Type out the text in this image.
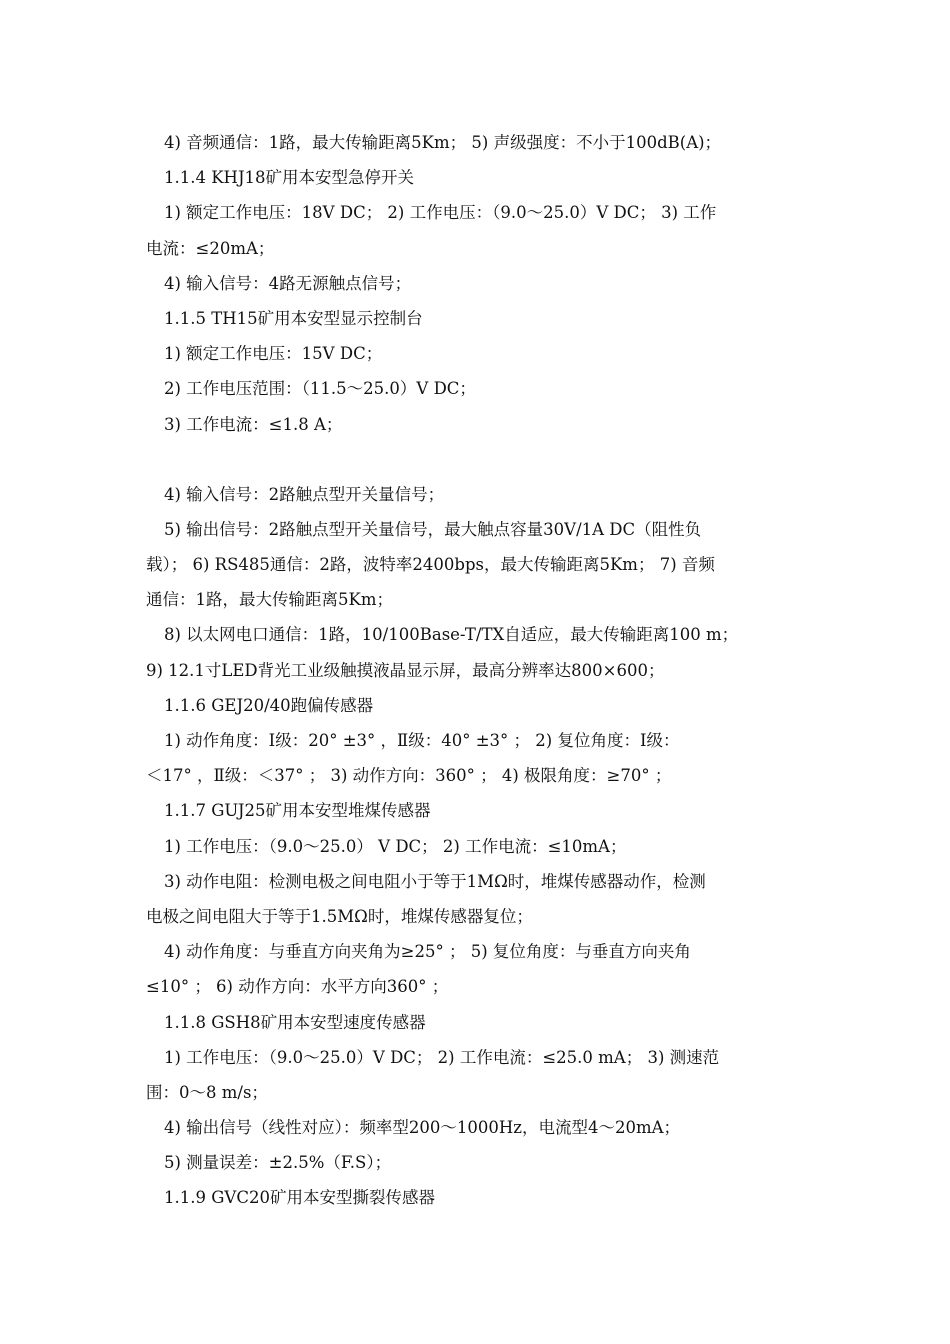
4) 音频通信：1路，最大传输距离5Km； 5) 声级强度：不小于100dB(A)；
1.1.4 KHJ18矿用本安型急停开关
1) 额定工作电压：18V DC； 2) 工作电压：（9.0～25.0）V DC； 3) 工作
电流：≤20mA；
4) 输入信号：4路无源触点信号；
1.1.5 TH15矿用本安型显示控制台
1) 额定工作电压：15V DC；
2) 工作电压范围：（11.5～25.0）V DC；
3) 工作电流：≤1.8 A；
4) 输入信号：2路触点型开关量信号；
5) 输出信号：2路触点型开关量信号，最大触点容量30V/1A DC（阻性负
载）； 6) RS485通信：2路，波特率2400bps，最大传输距离5Km； 7) 音频
通信：1路，最大传输距离5Km；
8) 以太网电口通信：1路，10/100Base-T/TX自适应，最大传输距离100 m；
9) 12.1寸LED背光工业级触摸液晶显示屏，最高分辨率达800×600；
1.1.6 GEJ20/40跑偏传感器
1) 动作角度：Ⅰ级：20° ±3° ，Ⅱ级：40° ±3° ； 2) 复位角度：Ⅰ级：
＜17° ，Ⅱ级：＜37° ； 3) 动作方向：360° ； 4) 极限角度：≥70° ；
1.1.7 GUJ25矿用本安型堆煤传感器
1) 工作电压：（9.0～25.0） V DC； 2) 工作电流：≤10mA；
3) 动作电阻：检测电极之间电阻小于等于1MΩ时，堆煤传感器动作，检测
电极之间电阻大于等于1.5MΩ时，堆煤传感器复位；
4) 动作角度：与垂直方向夹角为≥25° ； 5) 复位角度：与垂直方向夹角
≤10° ； 6) 动作方向：水平方向360° ；
1.1.8 GSH8矿用本安型速度传感器
1) 工作电压：（9.0～25.0）V DC； 2) 工作电流：≤25.0 mA； 3) 测速范
围：0～8 m/s；
4) 输出信号（线性对应）：频率型200～1000Hz，电流型4～20mA；
5) 测量误差：±2.5%（F.S）；
1.1.9 GVC20矿用本安型撕裂传感器
